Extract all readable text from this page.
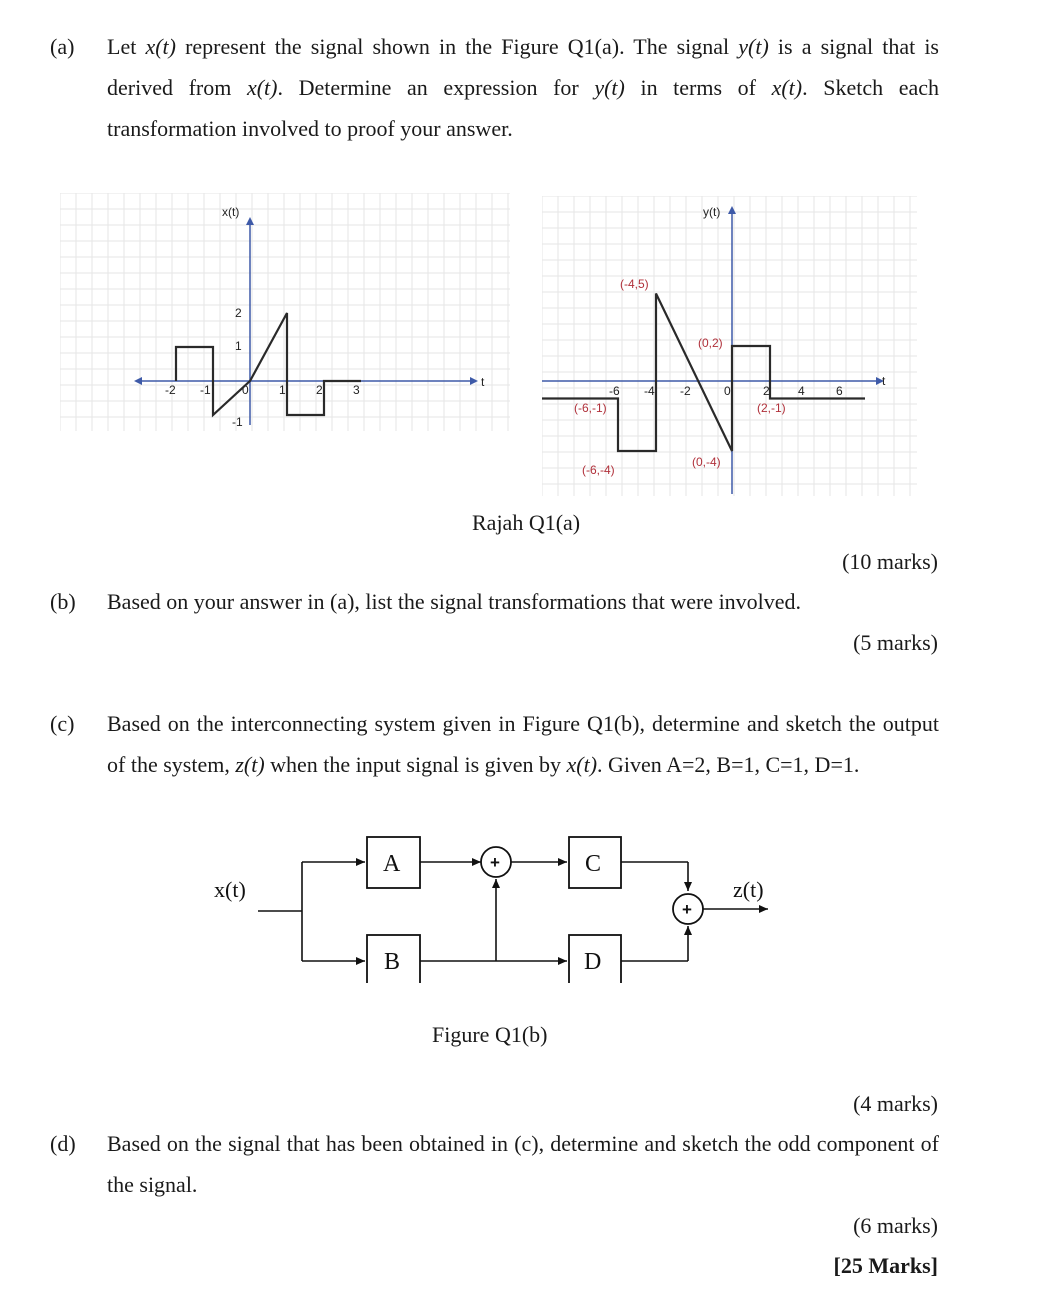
(a) Let x(t) represent the signal shown in the Figure Q1(a). The signal y(t) is a signal that is derived from x(t). Determine an expression for y(t) in terms of x(t). Sketch each transformation involved to proof your answer.
x(t)
t
-2 -1	0	1	2	3
2
1
-1
y(t)
t
-6 -4 -2	0	2 4	6
(-4,5)
(0,2)
(-6,-1)	(2,-1)
(-6,-4)
(0,-4)
Rajah Q1(a)
(10 marks)
(b) Based on your answer in (a), list the signal transformations that were involved.
(5 marks)
(c) Based on the interconnecting system given in Figure Q1(b), determine and sketch the output of the system, z(t) when the input signal is given by x(t). Given A=2, B=1, C=1, D=1.
A
B
C
D
+
+
x(t)	z(t)
Figure Q1(b)
(4 marks)
(d) Based on the signal that has been obtained in (c), determine and sketch the odd component of the signal.
(6 marks)
[25 Marks]
